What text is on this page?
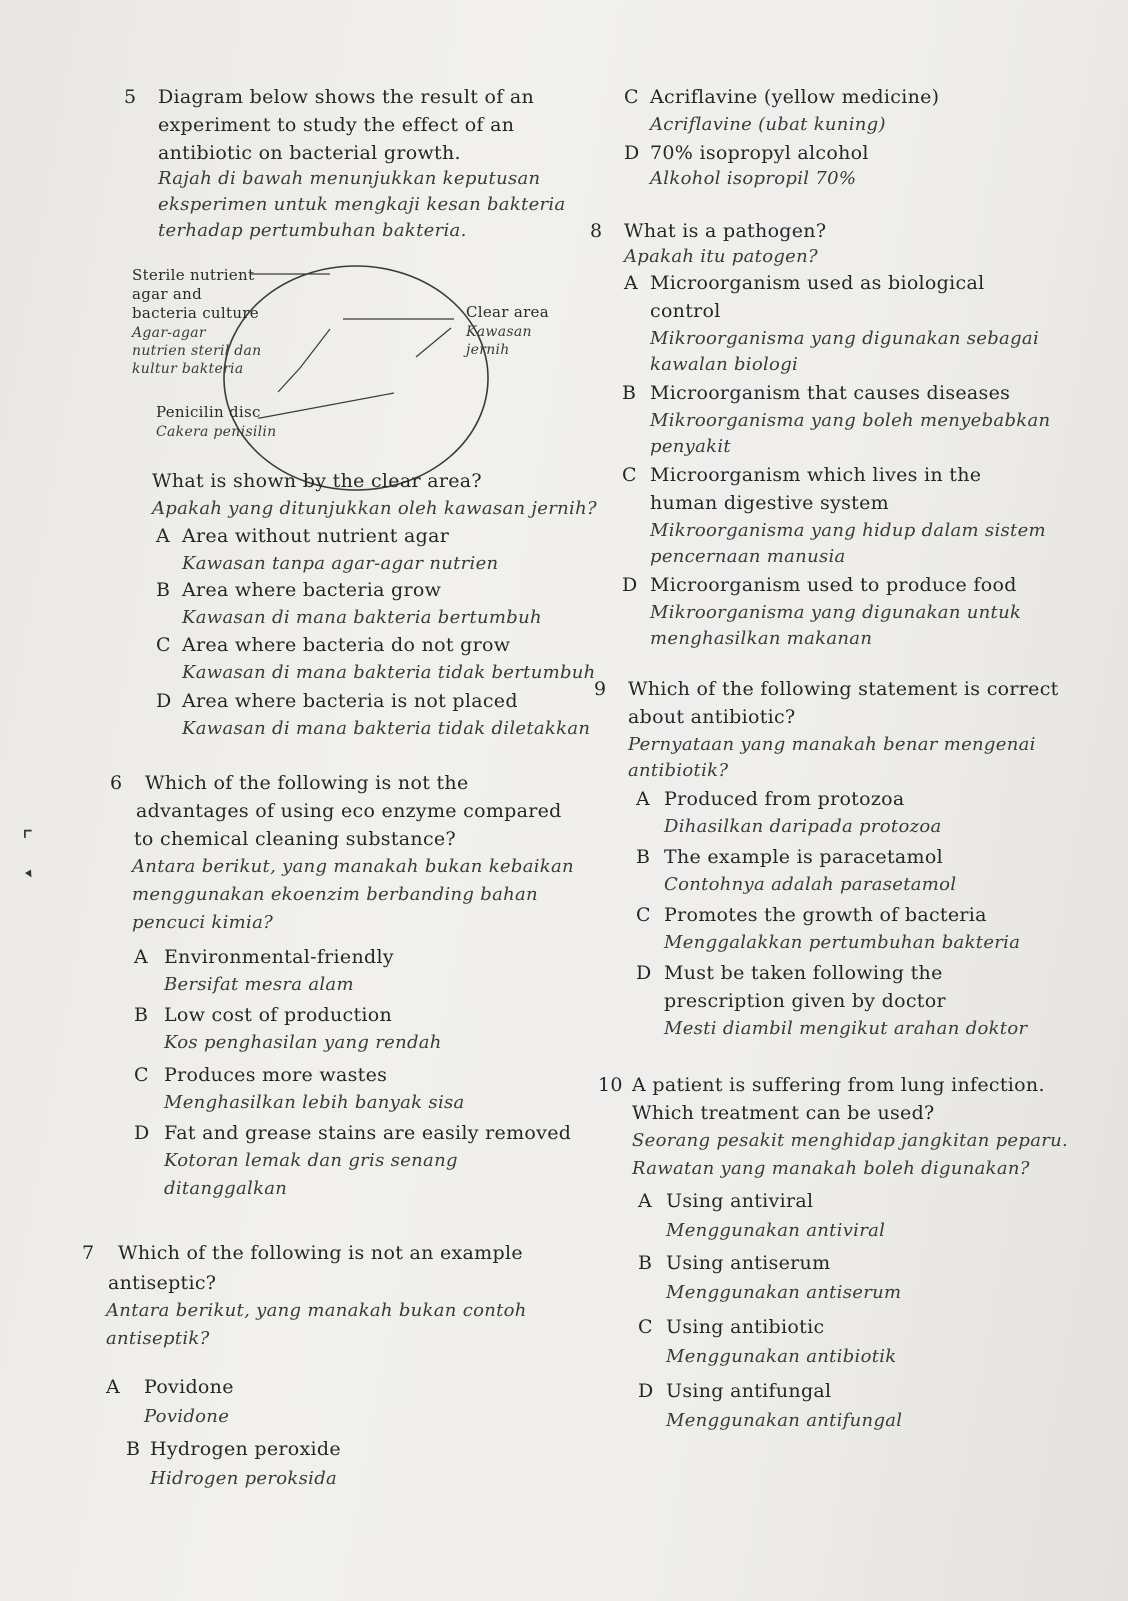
5 Diagram below shows the result of an
experiment to study the effect of an
antibiotic on bacterial growth.
Rajah di bawah menunjukkan keputusan
eksperimen untuk mengkaji kesan bakteria
terhadap pertumbuhan bakteria.
Sterile nutrient
agar and
bacteria culture
Agar-agar
nutrien steril dan
kultur bakteria
Penicilin disc
Cakera penisilin
Clear area
Kawasan
jernih
What is shown by the clear area?
Apakah yang ditunjukkan oleh kawasan jernih?
A Area without nutrient agar
Kawasan tanpa agar-agar nutrien
B Area where bacteria grow
Kawasan di mana bakteria bertumbuh
C Area where bacteria do not grow
Kawasan di mana bakteria tidak bertumbuh
D Area where bacteria is not placed
Kawasan di mana bakteria tidak diletakkan
6 Which of the following is not the
advantages of using eco enzyme compared
to chemical cleaning substance?
Antara berikut, yang manakah bukan kebaikan
menggunakan ekoenzim berbanding bahan
pencuci kimia?
A Environmental-friendly
Bersifat mesra alam
B Low cost of production
Kos penghasilan yang rendah
C Produces more wastes
Menghasilkan lebih banyak sisa
D Fat and grease stains are easily removed
Kotoran lemak dan gris senang
ditanggalkan
7 Which of the following is not an example
antiseptic?
Antara berikut, yang manakah bukan contoh
antiseptik?
A Povidone
Povidone
B Hydrogen peroxide
Hidrogen peroksida
⌜
▾
C Acriflavine (yellow medicine)
Acriflavine (ubat kuning)
D 70% isopropyl alcohol
Alkohol isopropil 70%
8 What is a pathogen?
Apakah itu patogen?
A Microorganism used as biological
control
Mikroorganisma yang digunakan sebagai
kawalan biologi
B Microorganism that causes diseases
Mikroorganisma yang boleh menyebabkan
penyakit
C Microorganism which lives in the
human digestive system
Mikroorganisma yang hidup dalam sistem
pencernaan manusia
D Microorganism used to produce food
Mikroorganisma yang digunakan untuk
menghasilkan makanan
9 Which of the following statement is correct
about antibiotic?
Pernyataan yang manakah benar mengenai
antibiotik?
A Produced from protozoa
Dihasilkan daripada protozoa
B The example is paracetamol
Contohnya adalah parasetamol
C Promotes the growth of bacteria
Menggalakkan pertumbuhan bakteria
D Must be taken following the
prescription given by doctor
Mesti diambil mengikut arahan doktor
10 A patient is suffering from lung infection.
Which treatment can be used?
Seorang pesakit menghidap jangkitan peparu.
Rawatan yang manakah boleh digunakan?
A Using antiviral
Menggunakan antiviral
B Using antiserum
Menggunakan antiserum
C Using antibiotic
Menggunakan antibiotik
D Using antifungal
Menggunakan antifungal
